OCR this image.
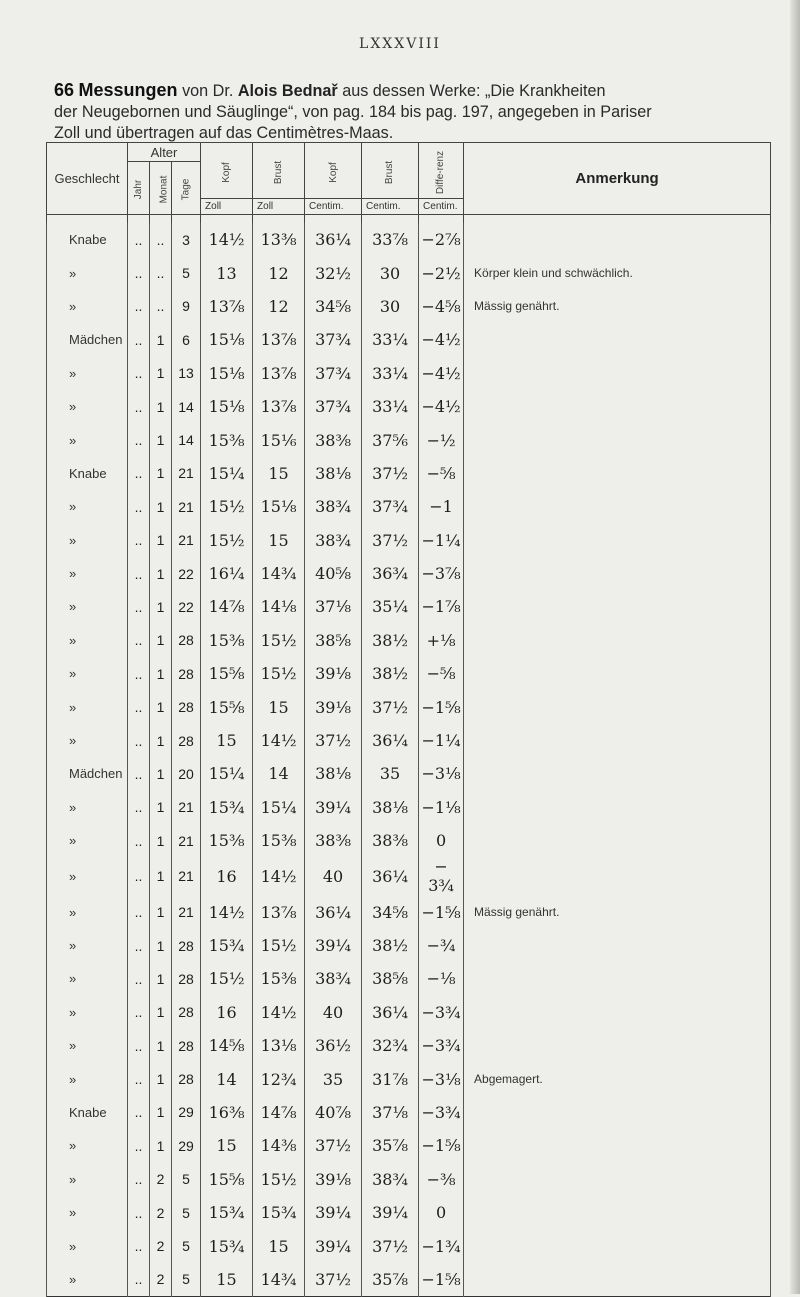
LXXXVIII
66 Messungen von Dr. Alois Bednař aus dessen Werke: „Die Krankheiten
der Neugebornen und Säuglinge“, von pag. 184 bis pag. 197, angegeben in Pariser
Zoll und übertragen auf das Centimètres-Maas.
Geschlecht	Alter			Kopf	Brust	Kopf	Brust	Diffe-renz	Anmerkung
	Jahr	Monat	Tage						
				Zoll	Zoll	Centim.	Centim.	Centim.	

Knabe	..	..	3	14½	13⅜	36¼	33⅞	−2⅞	
»	..	..	5	13	12	32½	30	−2½	Körper klein und schwächlich.
»	..	..	9	13⅞	12	34⅝	30	−4⅝	Mässig genährt.
Mädchen	..	1	6	15⅛	13⅞	37¾	33¼	−4½	
»	..	1	13	15⅛	13⅞	37¾	33¼	−4½	
»	..	1	14	15⅛	13⅞	37¾	33¼	−4½	
»	..	1	14	15⅜	15⅙	38⅜	37⅚	−½	
Knabe	..	1	21	15¼	15	38⅛	37½	−⅝	
»	..	1	21	15½	15⅛	38¾	37¾	−1	
»	..	1	21	15½	15	38¾	37½	−1¼	
»	..	1	22	16¼	14¾	40⅝	36¾	−3⅞	
»	..	1	22	14⅞	14⅛	37⅛	35¼	−1⅞	
»	..	1	28	15⅜	15½	38⅝	38½	+⅛	
»	..	1	28	15⅝	15½	39⅛	38½	−⅝	
»	..	1	28	15⅝	15	39⅛	37½	−1⅝	
»	..	1	28	15	14½	37½	36¼	−1¼	
Mädchen	..	1	20	15¼	14	38⅛	35	−3⅛	
»	..	1	21	15¾	15¼	39¼	38⅛	−1⅛	
»	..	1	21	15⅜	15⅜	38⅜	38⅜	0	
»	..	1	21	16	14½	40	36¼	− 3¾	
»	..	1	21	14½	13⅞	36¼	34⅝	−1⅝	Mässig genährt.
»	..	1	28	15¾	15½	39¼	38½	−¾	
»	..	1	28	15½	15⅜	38¾	38⅝	−⅛	
»	..	1	28	16	14½	40	36¼	−3¾	
»	..	1	28	14⅝	13⅛	36½	32¾	−3¾	
»	..	1	28	14	12¾	35	31⅞	−3⅛	Abgemagert.
Knabe	..	1	29	16⅜	14⅞	40⅞	37⅛	−3¾	
»	..	1	29	15	14⅜	37½	35⅞	−1⅝	
»	..	2	5	15⅝	15½	39⅛	38¾	−⅜	
»	..	2	5	15¾	15¾	39¼	39¼	0	
»	..	2	5	15¾	15	39¼	37½	−1¾	
»	..	2	5	15	14¾	37½	35⅞	−1⅝	
